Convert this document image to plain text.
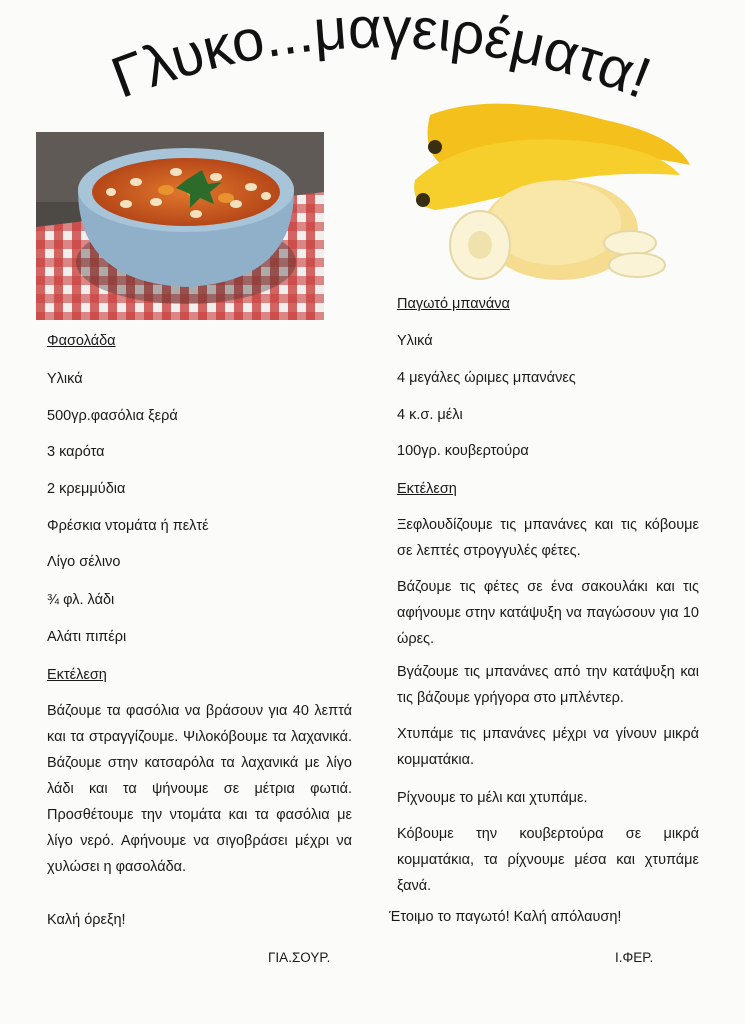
Γλυκο...μαγειρέματα!
Φασολάδα
Υλικά
500γρ.φασόλια ξερά
3 καρότα
2 κρεμμύδια
Φρέσκια ντομάτα ή πελτέ
Λίγο σέλινο
¾ φλ. λάδι
Αλάτι πιπέρι
Εκτέλεση
Βάζουμε τα φασόλια να βράσουν για 40 λεπτά και τα στραγγίζουμε. Ψιλοκόβουμε τα λαχανικά. Βάζουμε στην κατσαρόλα τα λαχανικά με λίγο λάδι και τα ψήνουμε σε μέτρια φωτιά. Προσθέτουμε την ντομάτα και τα φασόλια με λίγο νερό. Αφήνουμε να σιγοβράσει μέχρι να χυλώσει η φασολάδα.
Καλή όρεξη!
ΓΙΑ.ΣΟΥΡ.
Παγωτό μπανάνα
Υλικά
4 μεγάλες ώριμες μπανάνες
4 κ.σ. μέλι
100γρ. κουβερτούρα
Εκτέλεση
Ξεφλουδίζουμε τις μπανάνες και τις κόβουμε σε λεπτές στρογγυλές φέτες.
Βάζουμε τις φέτες σε ένα σακουλάκι και τις αφήνουμε στην κατάψυξη να παγώσουν για 10 ώρες.
Βγάζουμε τις μπανάνες από την κατάψυξη και τις βάζουμε γρήγορα στο μπλέντερ.
Χτυπάμε τις μπανάνες μέχρι να γίνουν μικρά κομματάκια.
Ρίχνουμε το μέλι και χτυπάμε.
Κόβουμε την κουβερτούρα σε μικρά κομματάκια, τα ρίχνουμε μέσα και χτυπάμε ξανά.
Έτοιμο το παγωτό! Καλή απόλαυση!
Ι.ΦΕΡ.
